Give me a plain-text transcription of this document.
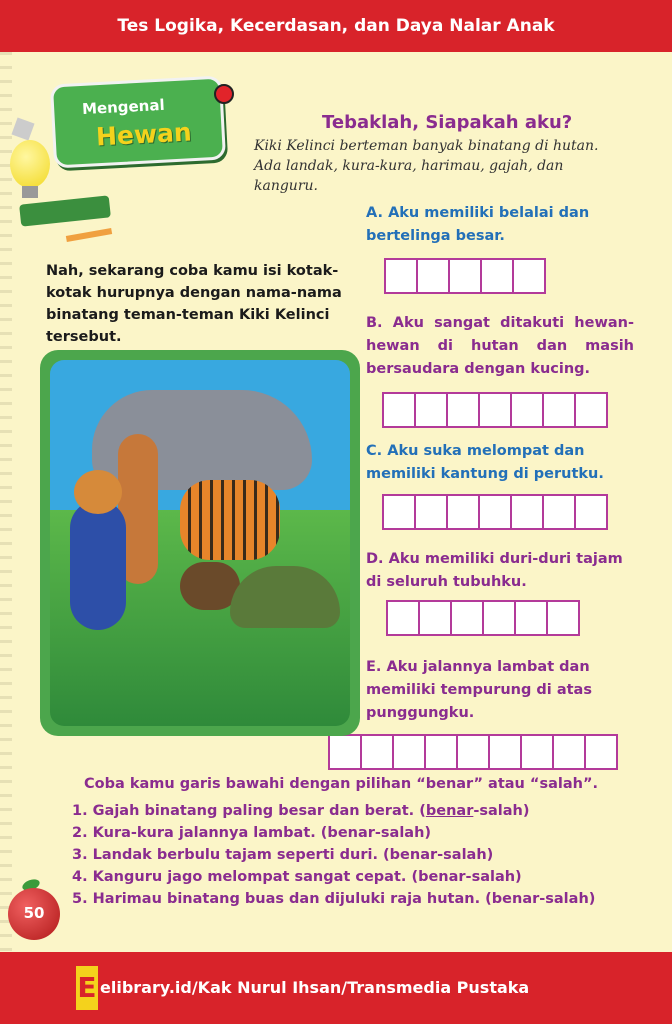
Tes Logika, Kecerdasan, dan Daya Nalar Anak
Mengenal
Hewan	Tebaklah, Siapakah aku?
Kiki Kelinci berteman banyak binatang di hutan. Ada landak, kura-kura, harimau, gajah, dan kanguru.
A. Aku memiliki belalai dan bertelinga besar.
B. Aku sangat ditakuti hewan-hewan di hutan dan masih bersaudara dengan kucing.
C. Aku suka melompat dan memiliki kantung di perutku.
D. Aku memiliki duri-duri tajam di seluruh tubuhku.
E. Aku jalannya lambat dan memiliki tempurung di atas punggungku.
Nah, sekarang coba kamu isi kotak-kotak hurupnya dengan nama-nama binatang teman-teman Kiki Kelinci tersebut.
Coba kamu garis bawahi dengan pilihan “benar” atau “salah”.
1. Gajah binatang paling besar dan berat. (benar-salah)
2. Kura-kura jalannya lambat. (benar-salah)
3. Landak berbulu tajam seperti duri. (benar-salah)
4. Kanguru jago melompat sangat cepat. (benar-salah)
5. Harimau binatang buas dan dijuluki raja hutan. (benar-salah)
50
E elibrary.id/Kak Nurul Ihsan/Transmedia Pustaka
